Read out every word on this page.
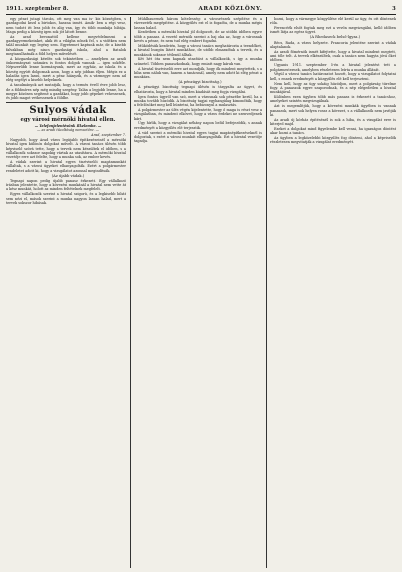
1911. szeptember 8.	ARADI KÖZLÖNY.	3

egy pénzt jutagi tárcán, ott meg van ma is- kis községben, s gazdagodni kezd a birtokos, haszna ismét. Amik- ben a régi vesz, nem tudott itt lesz jobb és alig van, így és több munkája hibája. Maga pedig a község igen sok jót látott benne.

Az arad bevonattól kellene megvédelmezni a gazdagyermekeinket, akik itt a világba nőnek fel, s a vidéken nem talál munkát egy legény sem. Egyetemet kaptunk már, de a kisebb falvakban még nincs gazdasági iskola, ahol a fiatalok megtanulhatnák a föld helyes művelését.

A közgazdasági kérdés sok tekintetben — amelyben az aradi önkormányzat számára is fontos dolgok vannak — igen sokféle. Népszerűbb lenne kormányunk, mert az egyház, az iskola és a község együtt dolgoznak azon, hogy a nép jobban éljen. Mégis ez a haladás igen lassú, mert a pénz hiányzik, és a vármegye nem ad elég segélyt a kisebb helyeknek.

A tanulmányok azt mutatják, hogy a termés évről évre jobb lesz, de a földmíves nép még mindig szegény. Talán a legjobb lenne, ha a megye közösen segítené a gazdákat, hogy jobb gépeket vehessenek, és jobb magot vethessenek a földbe.

Sulyos vádak

egy városi mérnöki hivatal ellen.

— Telefonjelentésünk Ilkelembe. —

— az aradi tűzoltóság nemzetőre. —

Arad, szeptember 7.

Nagyobb, hogy Arad város legújabb építkezéseinél a mérnöki hivatal igen különös dolgokat művelt. A városi tanács ülésén több képviselő szóvá tette, hogy a tervek nem készültek el időben, s a vállalkozók sokszor napokig vártak az utasításra. A mérnöki hivatal vezetője erre azt felelte, hogy a munka sok, az ember kevés.

A vádak szerint a hivatal egyes tisztviselői magánmunkát vállaltak, s a városi ügyeket elhanyagolták. Ezért a polgármester rendeletet adott ki, hogy a vizsgálatot azonnal megindítsák.

(Az újabb vádak.)

Tegnapi napon pedig újabb panasz érkezett. Egy vállalkozó írásban jelentette, hogy a kövezési munkánál a hivatal nem vette át a kész munkát, holott az minden feltételnek megfelelt.

Egyes vállalkozók szerint a hivatal szigorú, és a legkisebb hibát sem nézi el, mások szerint a munka nagyon lassan halad, mert a tervek sokszor hibásak.

Mühlbauernek három kötelesség: a városrészek szépítése és a vízvezeték megépítése. A közgyűlés ezt el is fogadta, de a munka mégis lassan halad.

Kezdetben a mérnöki hivatal jól dolgozott, de az utóbbi időben egyre több a panasz. A vezető mérnök szerint a baj oka az, hogy a városnak kevés a pénze, és nem tud elég embert fogadni.

Működésük kezdetén, hogy a városi tanács meghatározta a teendőket, a hivatal buzgón látott munkához, de utóbb elmaradtak a tervek, és a munkások sokszor tétlenül álltak.

Két hét óta nem kapnak utasítást a vállalkozók, s így a munka szünetel. Többen panaszkodnak, hogy emiatt nagy káruk van.

A hivatal tisztviselői erre azt mondják, hogy ők mindent megtettek, s a hiba nem náluk van, hanem a tanácsnál, amely nem adott ki elég pénzt a munkára.

(A pénzügyi bizottság.)

A pénzügyi bizottság tegnapi ülésén is tárgyalta az ügyet, és elhatározta, hogy a hivatal minden kiadását meg fogja vizsgálni.

Igen fontos ügyről van szó, mert a városnak sok pénzébe kerül, ha a munka tovább húzódik. A bizottság tagjai egyhangúlag kimondták, hogy a felelősöket meg kell büntetni, ha bebizonyul a mulasztás.

A polgármester az ülés végén kijelentette, hogy ő maga is részt vesz a vizsgálatban, és mindent elkövet, hogy a város érdekei ne szenvedjenek kárt.

Úgy hírlik, hogy a vizsgálat néhány napon belül befejeződik, s annak eredményét a közgyűlés elé terjesztik.

A vád szerint a mérnöki hivatal egyes tagjai magánépítkezéseknél is dolgoztak, s ezért a városi munkát elhanyagolták. Ezt a hivatal vezetője tagadja.

hozni, hogy a vármegye közgyűlése elé kerül az ügy, és ott döntenek róla.

Ferencéék elsőt fogtak meg ezt a vevőn megvizsgálni, kellő időben ismét látja az egész ügyet.

(A Rhedaseck belső-lgyza.)

Bécs, Rada, a város helyzete. Francoria jelentése szerint a vádak alaptalanok.

Az aradi főmérnök ismét kifejtette, hogy a hivatal mindent megtett, ami tőle telt. A tervek elkészültek, csak a tanács nem hagyta jóvá őket időben.

Ugyanis 1911. szeptember 5-én a hivatal jelentést tett a polgármesternek, amelyben részletesen leírta a munka állását.

Végül a városi tanács határozatot hozott, hogy a vizsgálatot folytatni kell, s ennek eredményét a közgyűlés elé kell terjeszteni.

Nem kell, hogy az ügy sokáig húzódjon, mert a polgárság türelme fogy. A panaszok egyre szaporodnak, és a nép elégedetlen a hivatal munkájával.

Különben ezen ügyben több más panasz is érkezett a tanácshoz, amelyeket szintén megvizsgálnak.

Azt is megemlítjük, hogy a kövezési munkák ügyében is vannak panaszok, mert sok helyen rossz a kövezet, s a vállalkozók nem javítják ki.

Az aradi új kórház építésénél is sok a hiba, és a vizsgálat erre is kiterjed majd.

Ezeket a dolgokat mind figyelembe kell venni, ha igazságos döntést akar hozni a tanács.

Az ügyben a legközelebbi közgyűlés fog dönteni, ahol a képviselők részletesen megvitatják a vizsgálat eredményét.
